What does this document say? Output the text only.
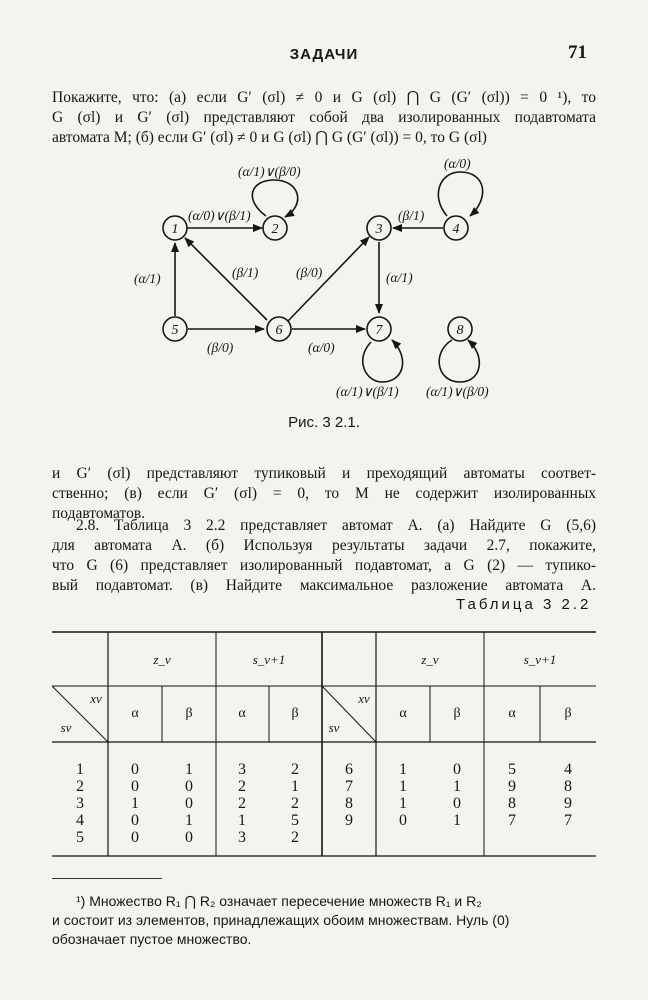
ЗАДАЧИ	71
Покажите, что: (а) если G′ (σl) ≠ 0 и G (σl) ⋂ G (G′ (σl)) = 0 ¹), то
G (σl) и G′ (σl) представляют собой два изолированных подавтомата
автомата M; (б) если G′ (σl) ≠ 0 и G (σl) ⋂ G (G′ (σl)) = 0, то G (σl)
1	2	3	4
5	6	7	8
(α/1)∨(β/0)
(α/0)
(α/0)∨(β/1)	(β/1)
(α/1)	(β/1)	(β/0)	(α/1)
(β/0)	(α/0)
(α/1)∨(β/1) (α/1)∨(β/0)
z_ν	s_ν+1	z_ν	s_ν+1
xν
sν
xν
sν
α	β	α	β	α	β	α	β
1	0	1	3	2
2	0	0	2	1
3	1	0	2	2
4	0	1	1	5
5	0	0	3	2
6	1	0	5	4
7	1	1	9	8
8	1	0	8	9
9	0	1	7	7
Рис. 3 2.1.
и G′ (σl) представляют тупиковый и преходящий автоматы соответ-
ственно; (в) если G′ (σl) = 0, то M не содержит изолированных
подавтоматов.
2.8. Таблица 3 2.2 представляет автомат A. (а) Найдите G (5,6)
для автомата A. (б) Используя результаты задачи 2.7, покажите,
что G (6) представляет изолированный подавтомат, а G (2) — тупико-
вый подавтомат. (в) Найдите максимальное разложение автомата A.
Таблица 3 2.2
¹) Множество R₁ ⋂ R₂ означает пересечение множеств R₁ и R₂
и состоит из элементов, принадлежащих обоим множествам. Нуль (0)
обозначает пустое множество.
